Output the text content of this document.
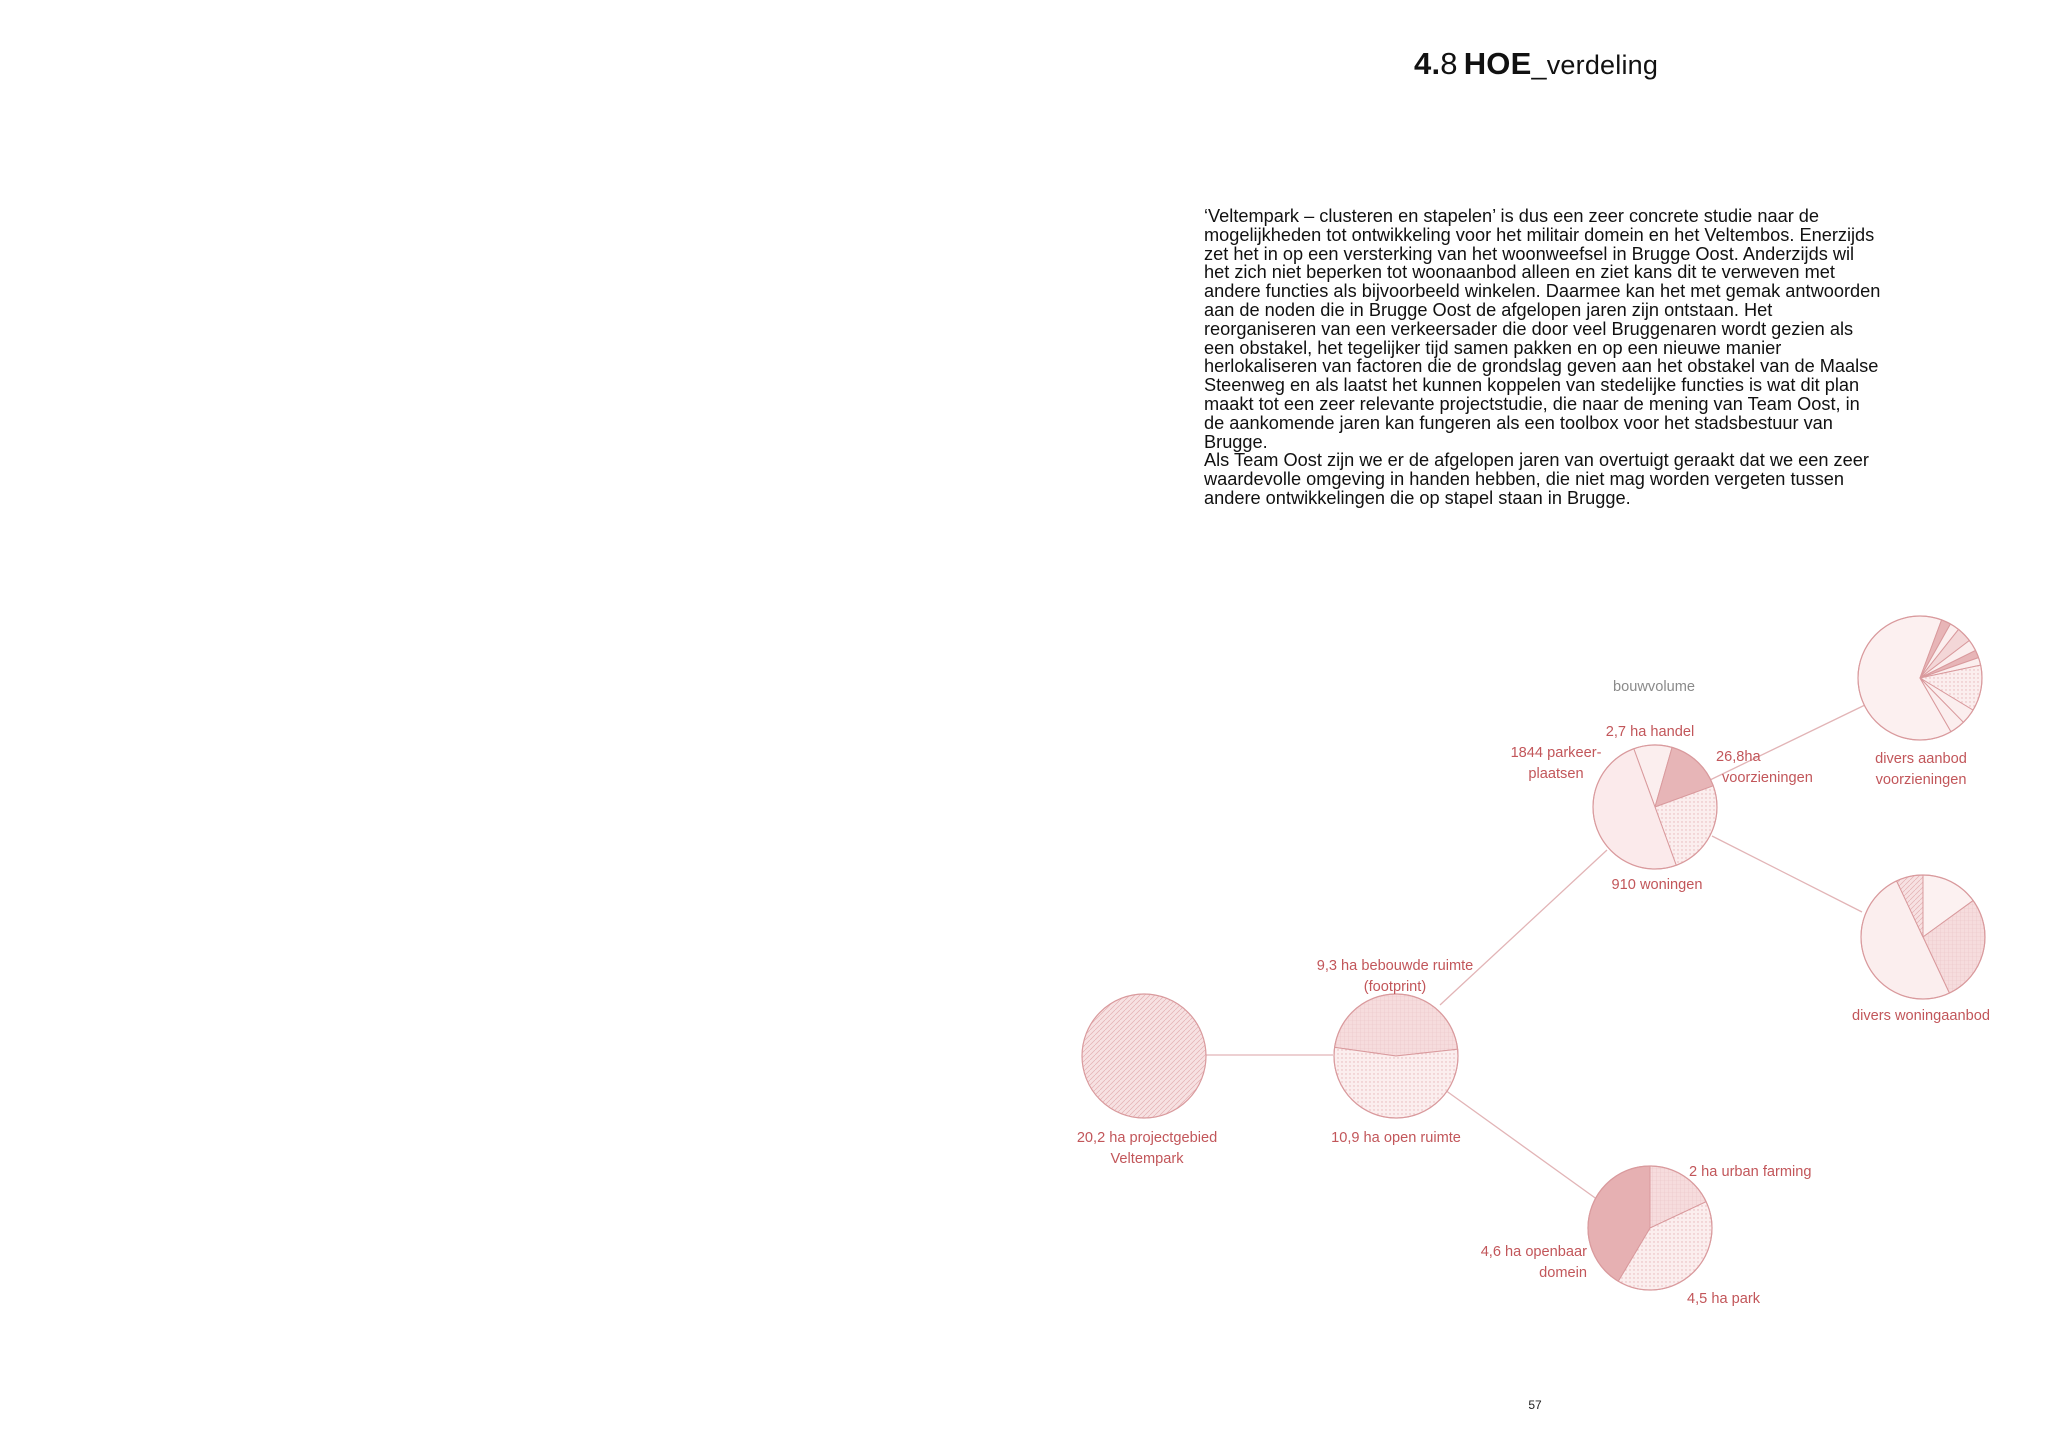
4.8 HOE_verdeling

‘Veltempark – clusteren en stapelen’ is dus een zeer concrete studie naar de mogelijkheden tot ontwikkeling voor het militair domein en het Veltembos. Enerzijds zet het in op een versterking van het woonweefsel in Brugge Oost. Anderzijds wil het zich niet beperken tot woonaanbod alleen en ziet kans dit te verweven met andere functies als bijvoorbeeld winkelen. Daarmee kan het met gemak antwoorden aan de noden die in Brugge Oost de afgelopen jaren zijn ontstaan. Het reorganiseren van een verkeersader die door veel Bruggenaren wordt gezien als een obstakel, het tegelijker tijd samen pakken en op een nieuwe manier herlokaliseren van factoren die de grondslag geven aan het obstakel van de Maalse Steenweg en als laatst het kunnen koppelen van stedelijke functies is wat dit plan maakt tot een zeer relevante projectstudie, die naar de mening van Team Oost, in de aankomende jaren kan fungeren als een toolbox voor het stadsbestuur van Brugge.

Als Team Oost zijn we er de afgelopen jaren van overtuigt geraakt dat we een zeer waardevolle omgeving in handen hebben, die niet mag worden vergeten tussen andere ontwikkelingen die op stapel staan in Brugge.

20,2 ha projectgebied
Veltempark
9,3 ha bebouwde ruimte
(footprint)
10,9 ha open ruimte
bouwvolume
2,7 ha handel
1844 parkeer-
plaatsen
26,8ha
voorzieningen
910 woningen
divers aanbod
voorzieningen
divers woningaanbod
2 ha urban farming
4,6 ha openbaar
domein
4,5 ha park
57
